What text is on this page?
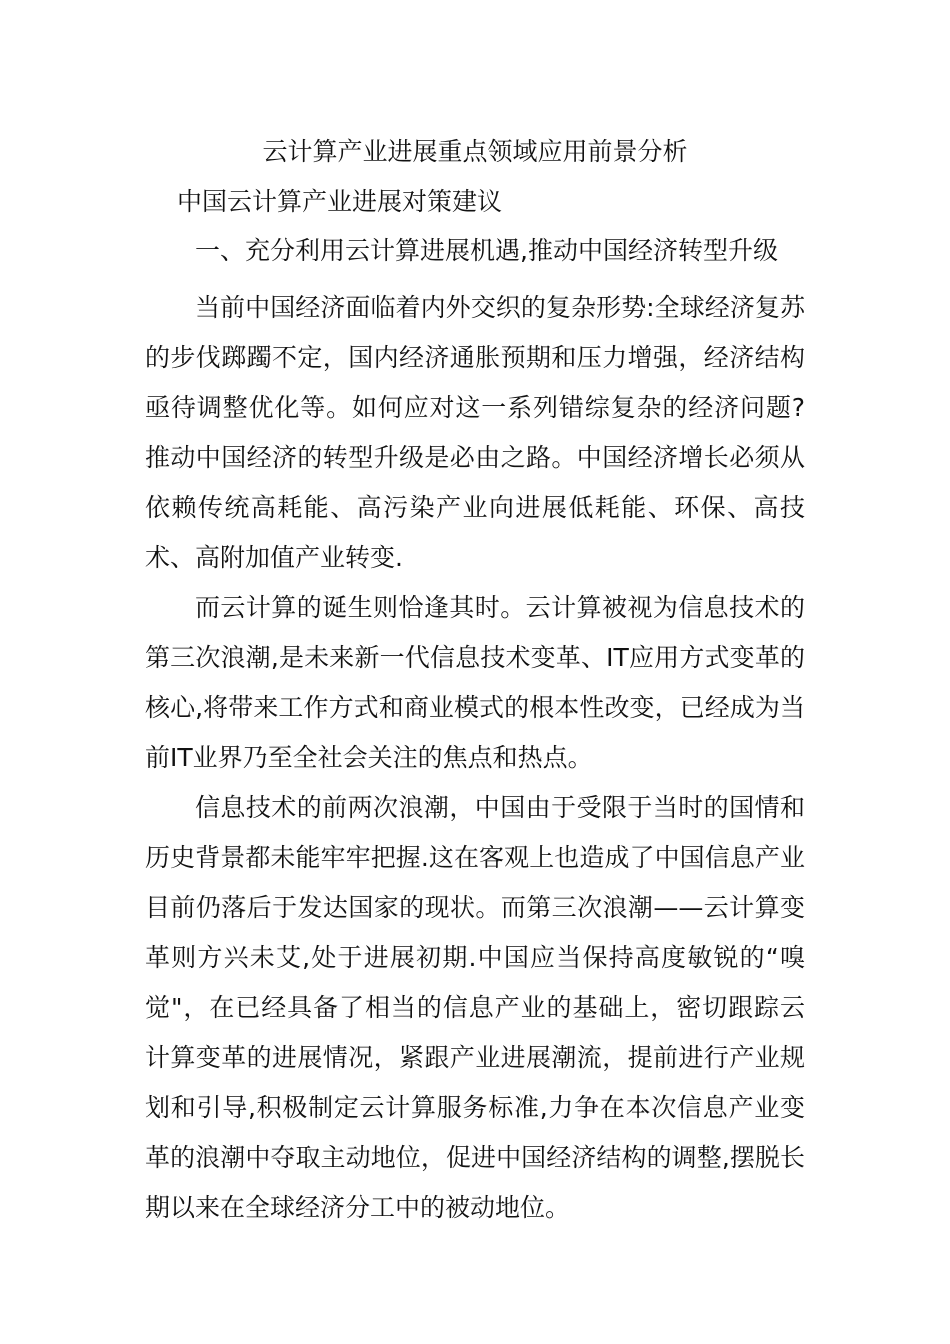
云计算产业进展重点领域应用前景分析
中国云计算产业进展对策建议
一、充分利用云计算进展机遇,推动中国经济转型升级

当前中国经济面临着内外交织的复杂形势:全球经济复苏的步伐踯躅不定，国内经济通胀预期和压力增强，经济结构亟待调整优化等。如何应对这一系列错综复杂的经济问题?推动中国经济的转型升级是必由之路。中国经济增长必须从依赖传统高耗能、高污染产业向进展低耗能、环保、高技术、高附加值产业转变.

而云计算的诞生则恰逢其时。云计算被视为信息技术的第三次浪潮,是未来新一代信息技术变革、IT应用方式变革的核心,将带来工作方式和商业模式的根本性改变，已经成为当前IT业界乃至全社会关注的焦点和热点。

信息技术的前两次浪潮，中国由于受限于当时的国情和历史背景都未能牢牢把握.这在客观上也造成了中国信息产业目前仍落后于发达国家的现状。而第三次浪潮——云计算变革则方兴未艾,处于进展初期.中国应当保持高度敏锐的“嗅觉"，在已经具备了相当的信息产业的基础上，密切跟踪云计算变革的进展情况，紧跟产业进展潮流，提前进行产业规划和引导,积极制定云计算服务标准,力争在本次信息产业变革的浪潮中夺取主动地位，促进中国经济结构的调整,摆脱长期以来在全球经济分工中的被动地位。
